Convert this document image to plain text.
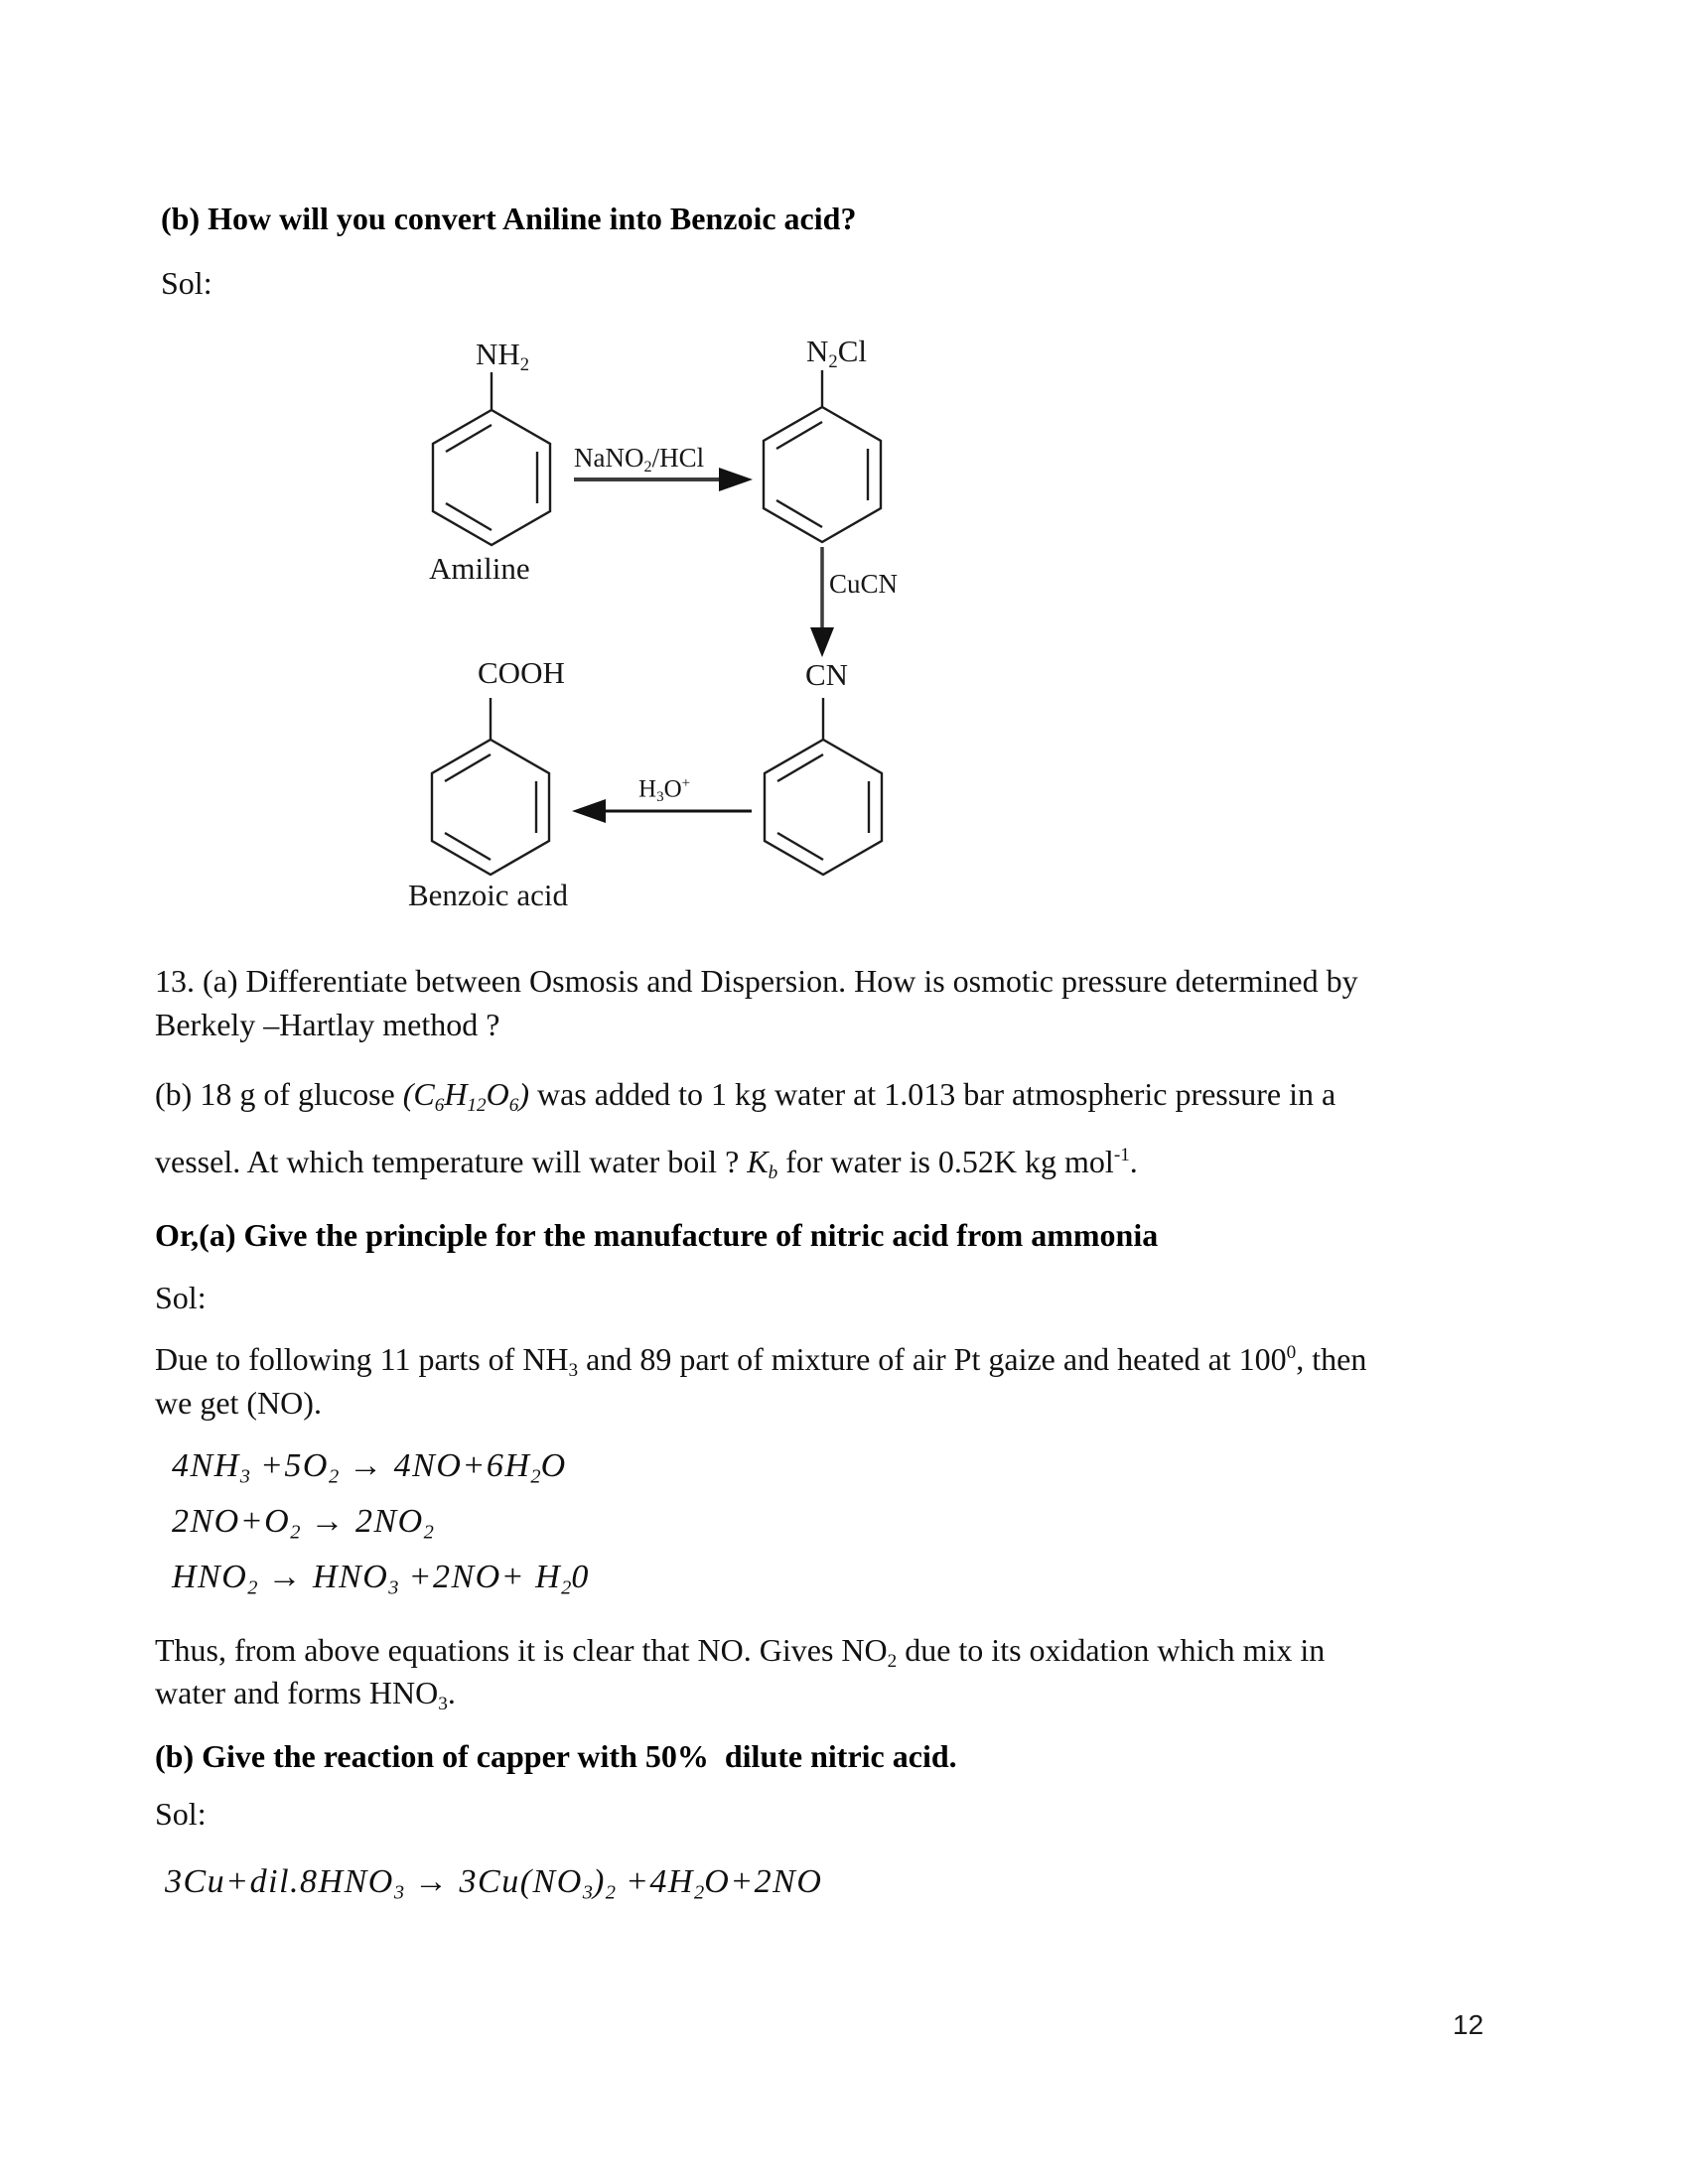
(b) How will you convert Aniline into Benzoic acid?
Sol:
$NH_2$	$N_2Cl$
NaNO$_2$/HCl
Amiline	CuCN
COOH	CN
$H_3O^+$
Benzoic acid
13. (a) Differentiate between Osmosis and Dispersion. How is osmotic pressure determined by
Berkely –Hartlay method ?
(b) 18 g of glucose $(C_6H_{12}O_6)$ was added to 1 kg water at 1.013 bar atmospheric pressure in a
vessel. At which temperature will water boil ? $K_b$ for water is 0.52K kg mol$^{-1}$.
Or,(a) Give the principle for the manufacture of nitric acid from ammonia
Sol:
Due to following 11 parts of $NH_3$ and 89 part of mixture of air Pt gaize and heated at $100^0$, then
we get (NO).
$4NH_3 +5O_2 \to 4NO+6H_2O$
$2NO+O_2 \to 2NO_2$
$HNO_2 \to HNO_3 +2NO+ H_20$
Thus, from above equations it is clear that NO. Gives $NO_2$ due to its oxidation which mix in
water and forms $HNO_3$.
(b) Give the reaction of capper with 50%  dilute nitric acid.
Sol:
$3Cu+dil.8HNO_3 \to 3Cu(NO_3)_2 +4H_2O+2NO$
12
